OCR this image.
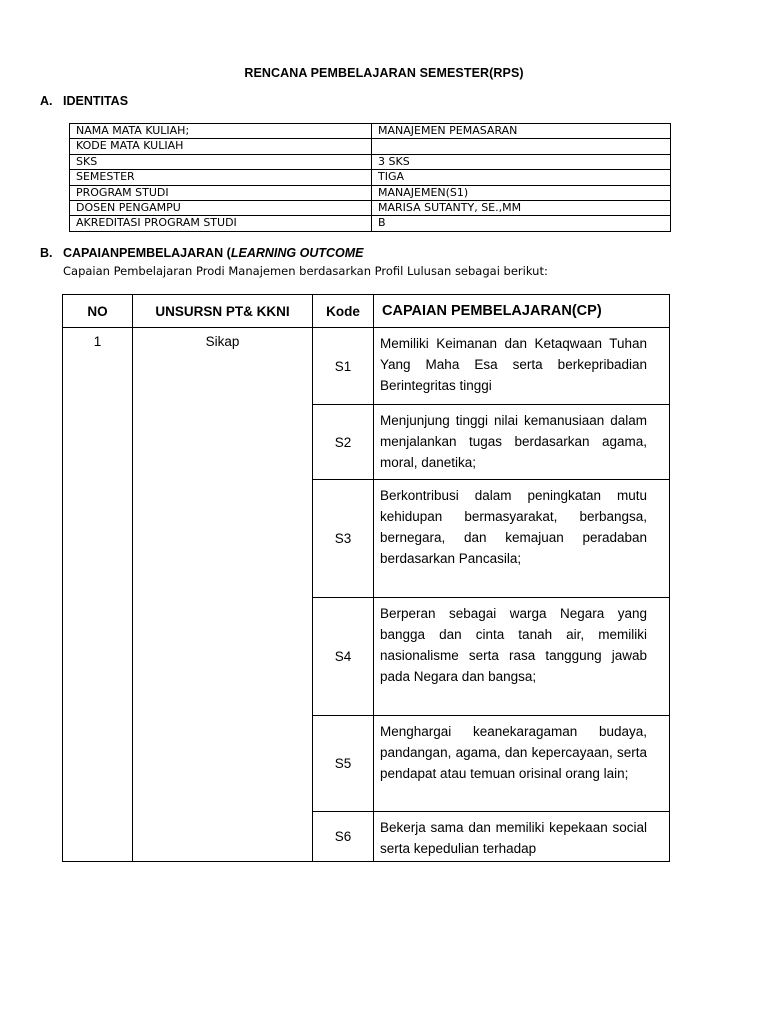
RENCANA PEMBELAJARAN SEMESTER(RPS)
A. IDENTITAS
NAMA MATA KULIAH;	MANAJEMEN PEMASARAN
KODE MATA KULIAH	
SKS	3 SKS
SEMESTER	TIGA
PROGRAM STUDI	MANAJEMEN(S1)
DOSEN PENGAMPU	MARISA SUTANTY, SE.,MM
AKREDITASI PROGRAM STUDI	B
B. CAPAIANPEMBELAJARAN (LEARNING OUTCOME
Capaian Pembelajaran Prodi Manajemen berdasarkan Profil Lulusan sebagai berikut:
NO	UNSURSN PT& KKNI	Kode	CAPAIAN PEMBELAJARAN(CP)
1	Sikap	S1	Memiliki Keimanan dan Ketaqwaan Tuhan Yang Maha Esa serta berkepribadian Berintegritas tinggi
		S2	Menjunjung tinggi nilai kemanusiaan dalam menjalankan tugas berdasarkan agama, moral, danetika;
		S3	Berkontribusi dalam peningkatan mutu kehidupan bermasyarakat, berbangsa, bernegara, dan kemajuan peradaban berdasarkan Pancasila;
		S4	Berperan sebagai warga Negara yang bangga dan cinta tanah air, memiliki nasionalisme serta rasa tanggung jawab pada Negara dan bangsa;
		S5	Menghargai keanekaragaman budaya, pandangan, agama, dan kepercayaan, serta pendapat atau temuan orisinal orang lain;
		S6	Bekerja sama dan memiliki kepekaan social serta kepedulian terhadap
